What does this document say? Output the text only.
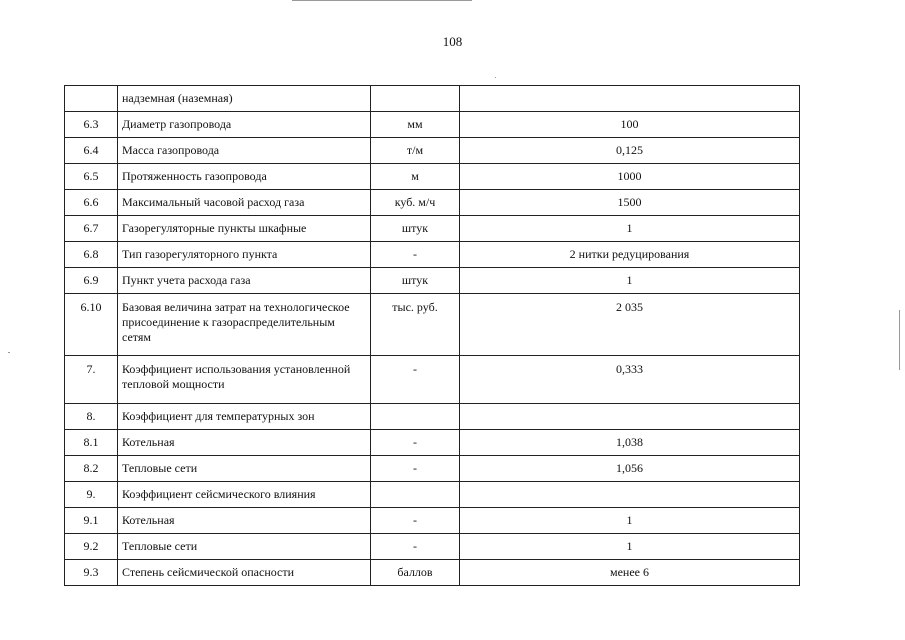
108
	надземная (наземная)		
6.3	Диаметр газопровода	мм	100
6.4	Масса газопровода	т/м	0,125
6.5	Протяженность газопровода	м	1000
6.6	Максимальный часовой расход газа	куб. м/ч	1500
6.7	Газорегуляторные пункты шкафные	штук	1
6.8	Тип газорегуляторного пункта	-	2 нитки редуцирования
6.9	Пункт учета расхода газа	штук	1
6.10	Базовая величина затрат на технологическое присоединение к газораспределительным сетям	тыс. руб.	2 035
7.	Коэффициент использования установленной тепловой мощности	-	0,333
8.	Коэффициент для температурных зон		
8.1	Котельная	-	1,038
8.2	Тепловые сети	-	1,056
9.	Коэффициент сейсмического влияния		
9.1	Котельная	-	1
9.2	Тепловые сети	-	1
9.3	Степень сейсмической опасности	баллов	менее 6
